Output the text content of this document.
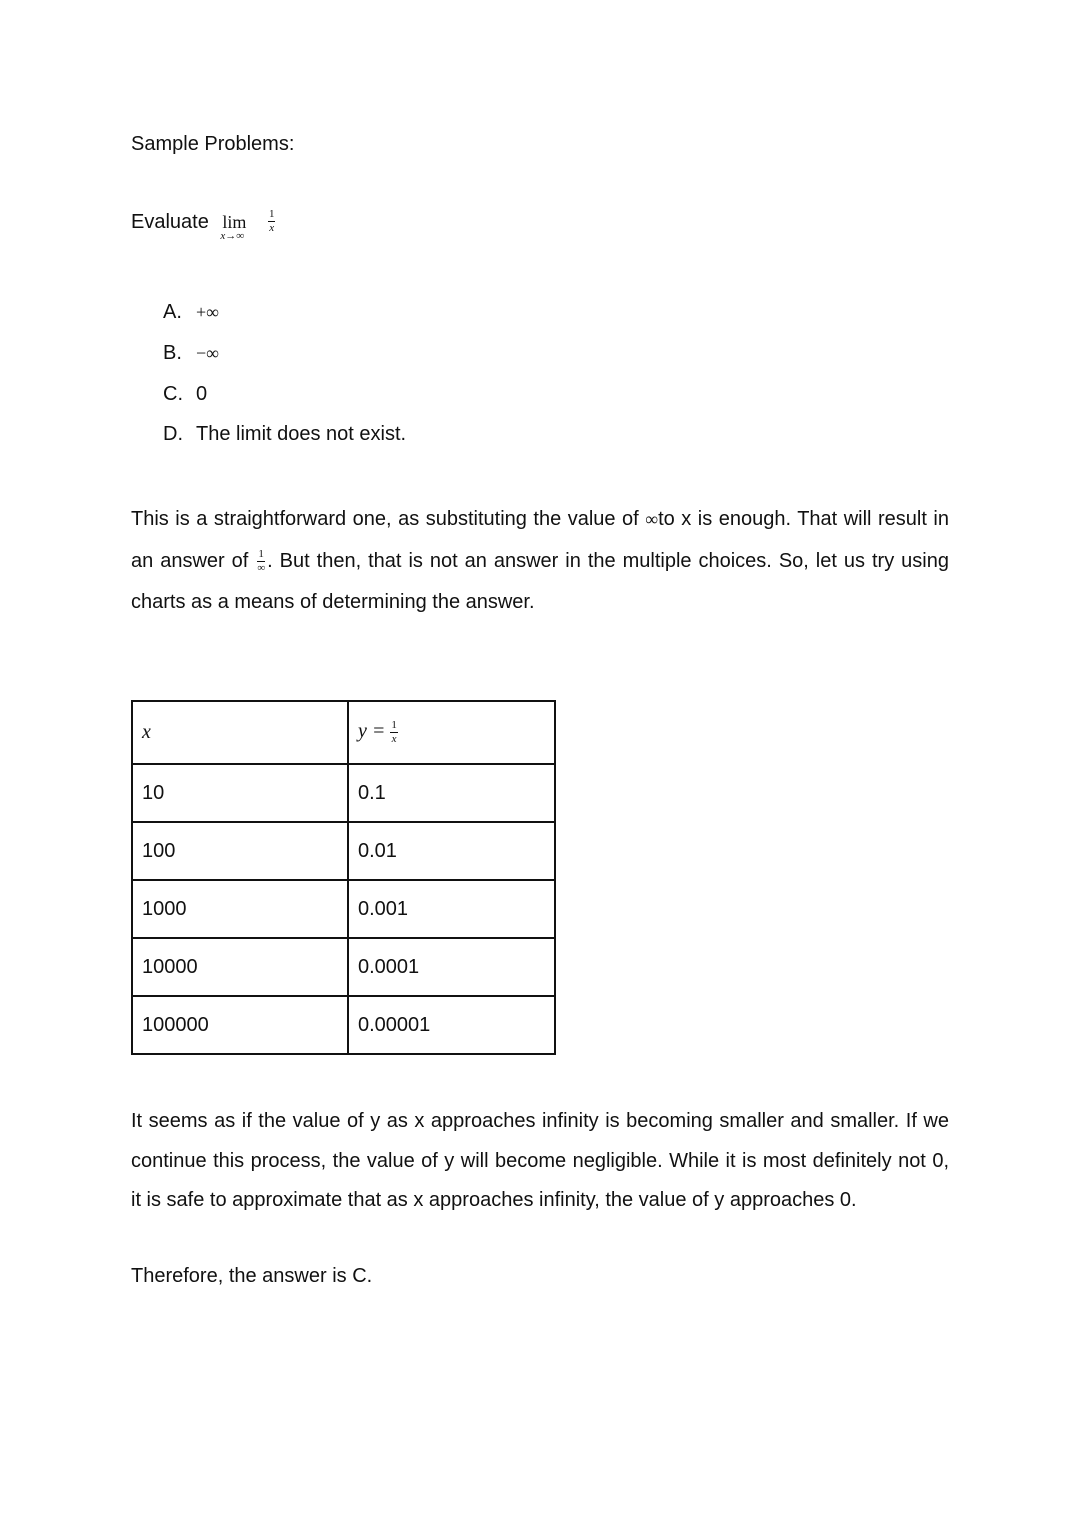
Sample Problems:
Evaluate lim
x→∞

$\frac{1}{x}$
A. +∞
B. −∞
C. 0
D. The limit does not exist.
This is a straightforward one, as substituting the value of ∞to x is enough. That will result in an answer of $\frac{1}{\infty}$ . But then, that is not an answer in the multiple choices. So, let us try using charts as a means of determining the answer.
x	$y = \frac{1}{x}$

10	0.1
100	0.01
1000	0.001
10000	0.0001
100000	0.00001
It seems as if the value of y as x approaches infinity is becoming smaller and smaller. If we continue this process, the value of y will become negligible. While it is most definitely not 0, it is safe to approximate that as x approaches infinity, the value of y approaches 0.
Therefore, the answer is C.
